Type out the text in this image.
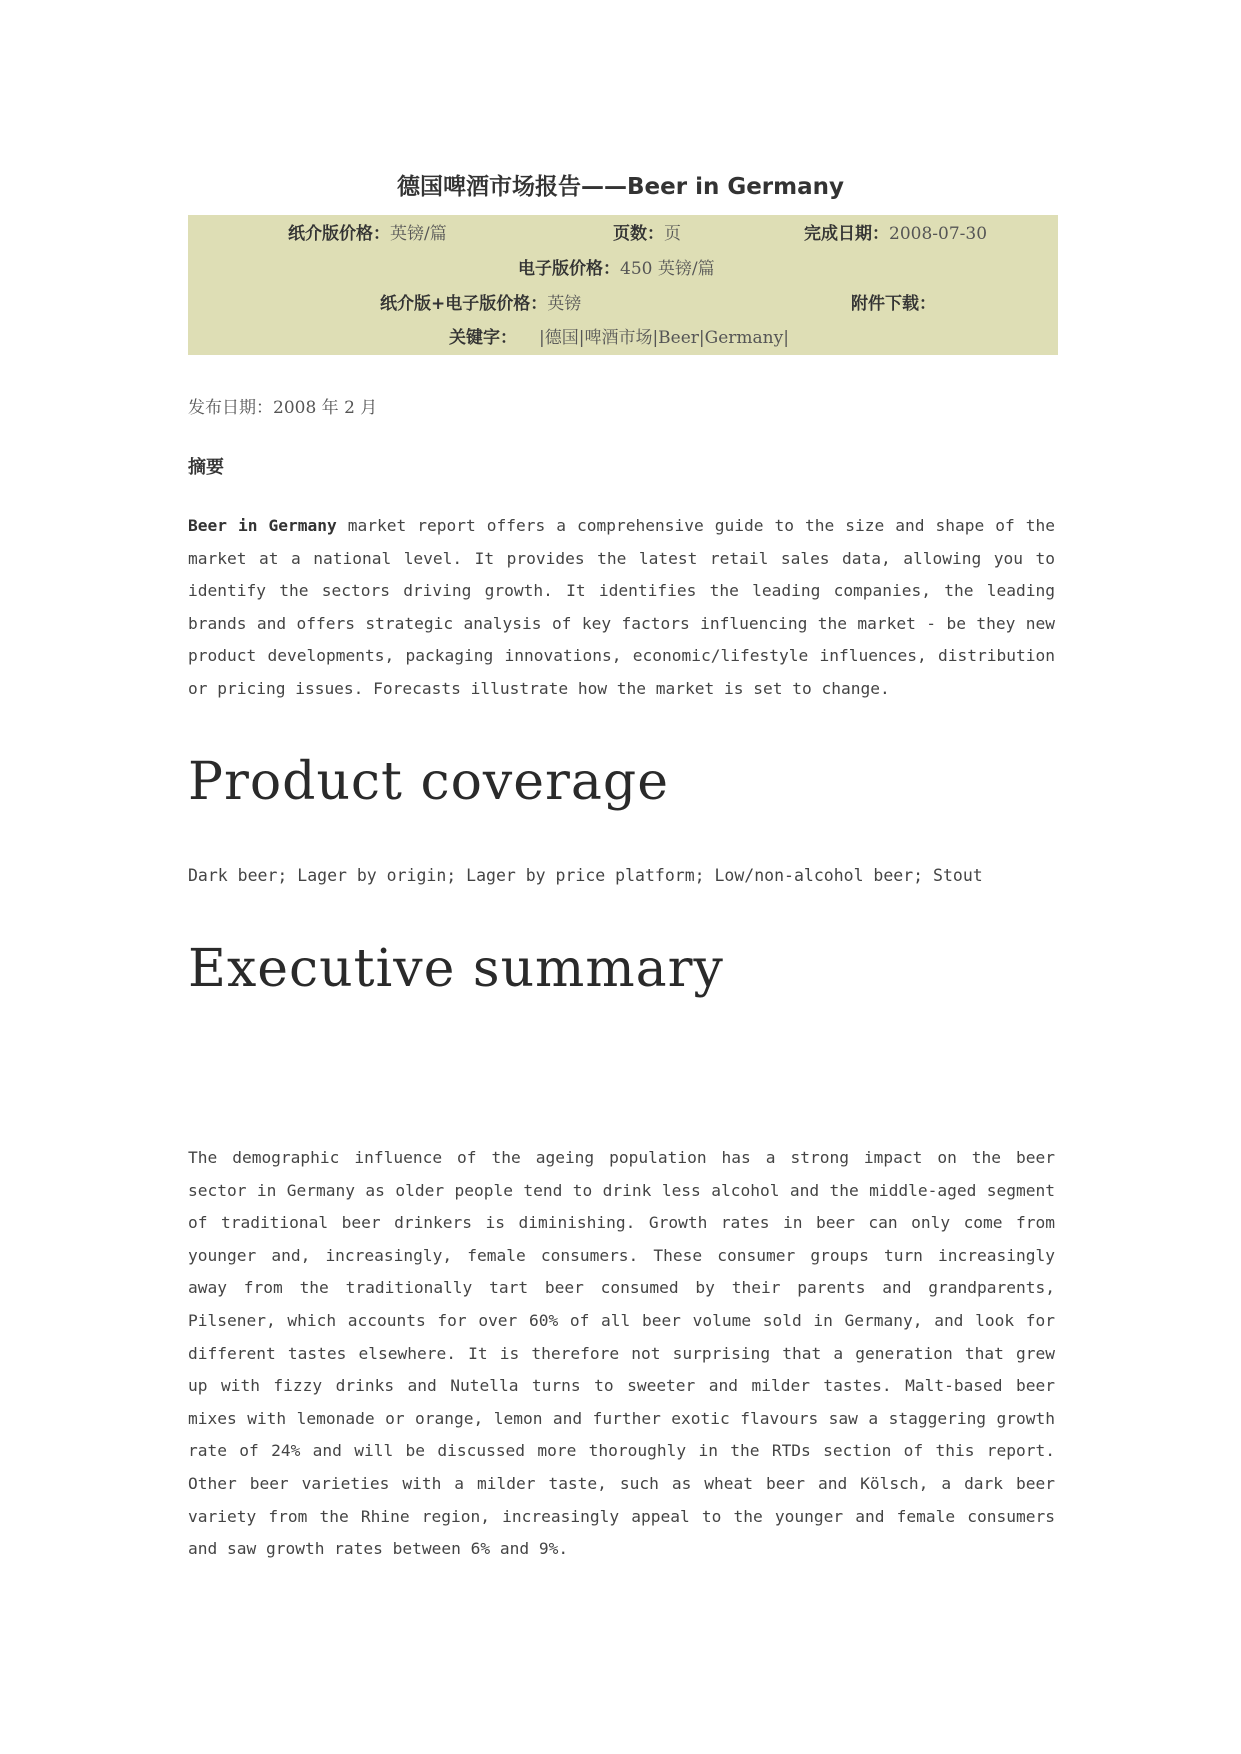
德国啤酒市场报告——Beer in Germany
纸介版价格：英镑/篇	页数：页	完成日期：2008-07-30
电子版价格：450 英镑/篇
纸介版+电子版价格：英镑	附件下载：
关键字： |德国|啤酒市场|Beer|Germany|
发布日期：2008 年 2 月
摘要

Beer in Germany market report offers a comprehensive guide to the size and shape of the market at a national level. It provides the latest retail sales data, allowing you to identify the sectors driving growth. It identifies the leading companies, the leading brands and offers strategic analysis of key factors influencing the market - be they new product developments, packaging innovations, economic/lifestyle influences, distribution or pricing issues. Forecasts illustrate how the market is set to change.

Product coverage
Dark beer; Lager by origin; Lager by price platform; Low/non-alcohol beer; Stout
Executive summary

The demographic influence of the ageing population has a strong impact on the beer sector in Germany as older people tend to drink less alcohol and the middle-aged segment of traditional beer drinkers is diminishing. Growth rates in beer can only come from younger and, increasingly, female consumers. These consumer groups turn increasingly away from the traditionally tart beer consumed by their parents and grandparents, Pilsener, which accounts for over 60% of all beer volume sold in Germany, and look for different tastes elsewhere. It is therefore not surprising that a generation that grew up with fizzy drinks and Nutella turns to sweeter and milder tastes. Malt-based beer mixes with lemonade or orange, lemon and further exotic flavours saw a staggering growth rate of 24% and will be discussed more thoroughly in the RTDs section of this report. Other beer varieties with a milder taste, such as wheat beer and Kölsch, a dark beer variety from the Rhine region, increasingly appeal to the younger and female consumers and saw growth rates between 6% and 9%.
